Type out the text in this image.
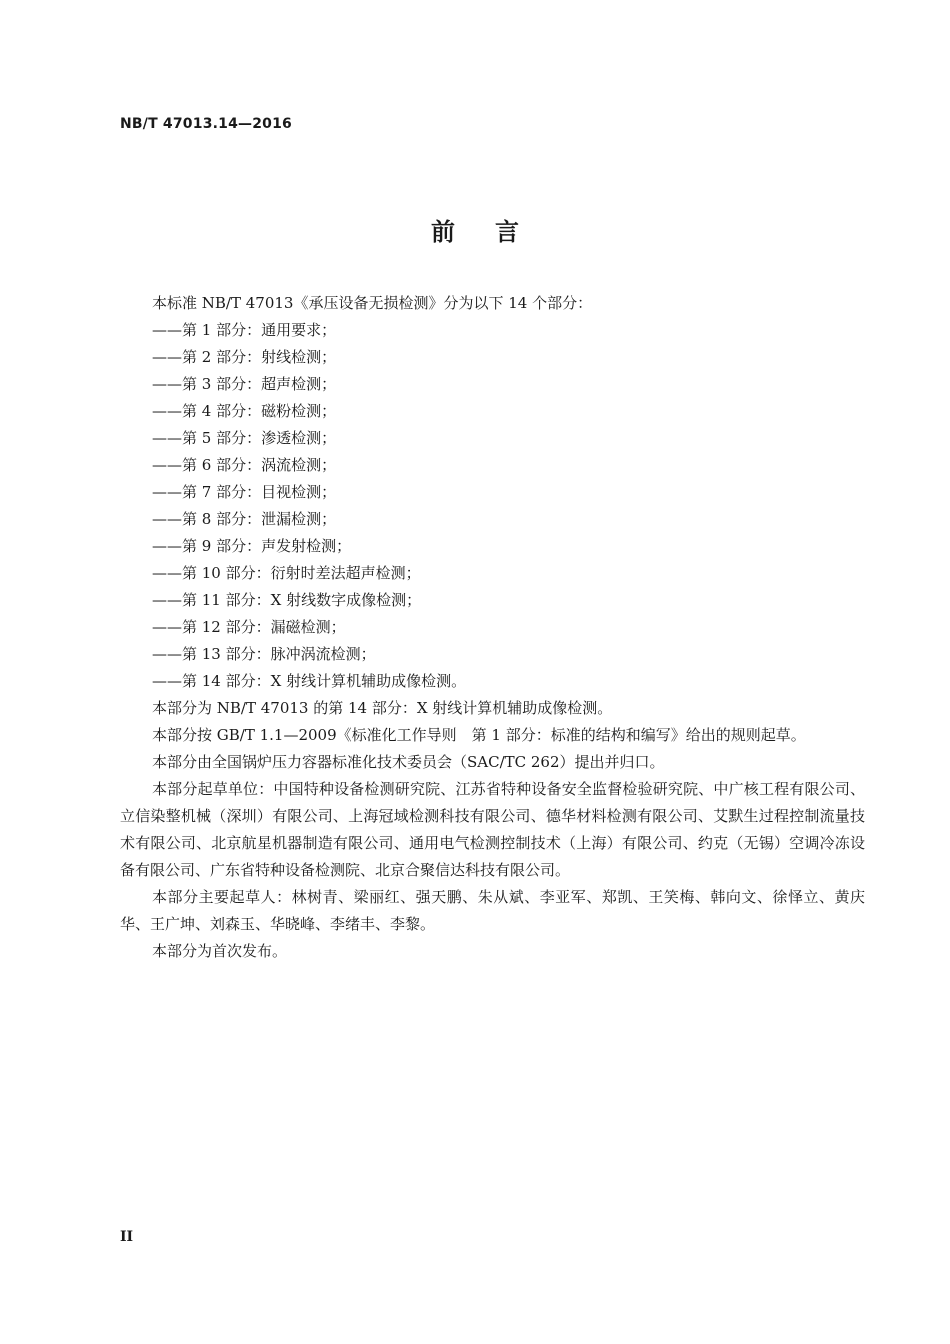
NB/T 47013.14—2016
前言

本标准 NB/T 47013《承压设备无损检测》分为以下 14 个部分：

——第 1 部分：通用要求；

——第 2 部分：射线检测；

——第 3 部分：超声检测；

——第 4 部分：磁粉检测；

——第 5 部分：渗透检测；

——第 6 部分：涡流检测；

——第 7 部分：目视检测；

——第 8 部分：泄漏检测；

——第 9 部分：声发射检测；

——第 10 部分：衍射时差法超声检测；

——第 11 部分：X 射线数字成像检测；

——第 12 部分：漏磁检测；

——第 13 部分：脉冲涡流检测；

——第 14 部分：X 射线计算机辅助成像检测。

本部分为 NB/T 47013 的第 14 部分：X 射线计算机辅助成像检测。

本部分按 GB/T 1.1—2009《标准化工作导则　第 1 部分：标准的结构和编写》给出的规则起草。

本部分由全国锅炉压力容器标准化技术委员会（SAC/TC 262）提出并归口。

本部分起草单位：中国特种设备检测研究院、江苏省特种设备安全监督检验研究院、中广核工程有限公司、立信染整机械（深圳）有限公司、上海冠域检测科技有限公司、德华材料检测有限公司、艾默生过程控制流量技术有限公司、北京航星机器制造有限公司、通用电气检测控制技术（上海）有限公司、约克（无锡）空调冷冻设备有限公司、广东省特种设备检测院、北京合聚信达科技有限公司。

本部分主要起草人：林树青、梁丽红、强天鹏、朱从斌、李亚军、郑凯、王笑梅、韩向文、徐怿立、黄庆华、王广坤、刘森玉、华晓峰、李绪丰、李黎。

本部分为首次发布。

II
